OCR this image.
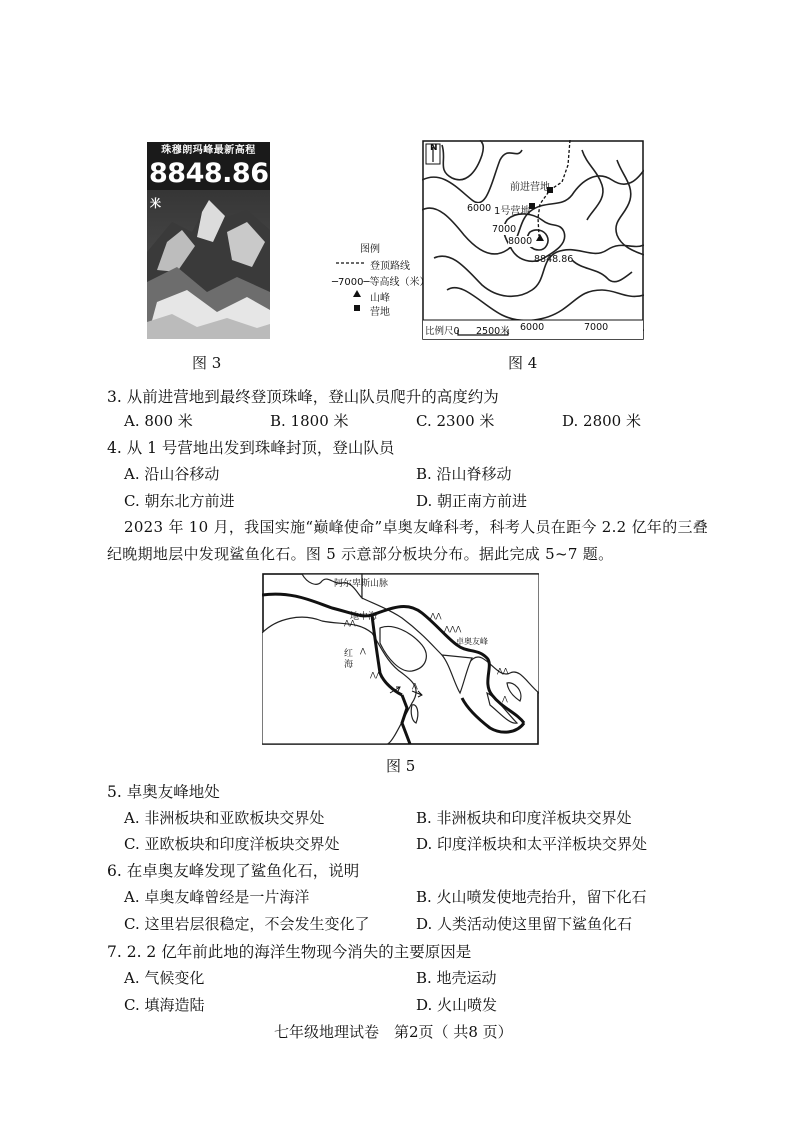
珠穆朗玛峰最新高程
$8848.86^米$
图 3
N
前进营地
1号营地
6000
7000
8000
8848.86
6000	7000
比例尺0 2500米
图例
登顶路线
─7000─等高线（米）
山峰
营地
图 4
3. 从前进营地到最终登顶珠峰，登山队员爬升的高度约为
A. 800 米	B. 1800 米	C. 2300 米	D. 2800 米
4. 从 1 号营地出发到珠峰封顶，登山队员
A. 沿山谷移动	B. 沿山脊移动
C. 朝东北方前进	D. 朝正南方前进
2023 年 10 月，我国实施“巅峰使命”卓奥友峰科考，科考人员在距今 2.2 亿年的三叠
纪晚期地层中发现鲨鱼化石。图 5 示意部分板块分布。据此完成 5~7 题。
⋀⋀
⋀
⋀⋀
⋀⋀
⋀⋀⋀
⋀
⋀⋀
⋀
阿尔卑斯山脉
地中海
红海
卓奥友峰
图 5
5. 卓奥友峰地处
A. 非洲板块和亚欧板块交界处	B. 非洲板块和印度洋板块交界处
C. 亚欧板块和印度洋板块交界处	D. 印度洋板块和太平洋板块交界处
6. 在卓奥友峰发现了鲨鱼化石，说明
A. 卓奥友峰曾经是一片海洋	B. 火山喷发使地壳抬升，留下化石
C. 这里岩层很稳定，不会发生变化了	D. 人类活动使这里留下鲨鱼化石
7. 2. 2 亿年前此地的海洋生物现今消失的主要原因是
A. 气候变化	B. 地壳运动
C. 填海造陆	D. 火山喷发
七年级地理试卷　第2页（ 共8 页）
